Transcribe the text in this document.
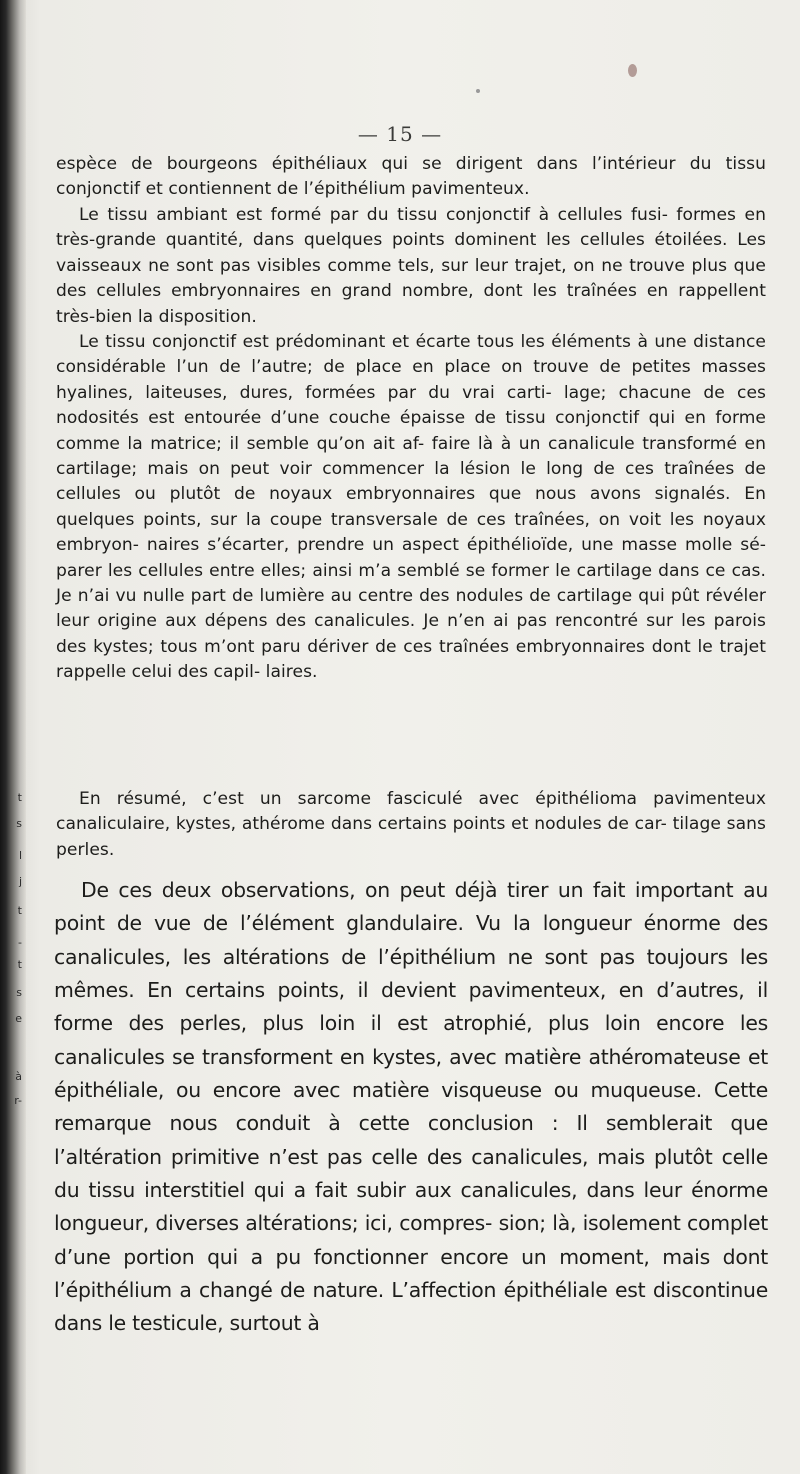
t
s
l
j
t
-
t
s
e
à
r-
— 15 —

espèce de bourgeons épithéliaux qui se dirigent dans l’intérieur du tissu conjonctif et contiennent de l’épithélium pavimenteux.

Le tissu ambiant est formé par du tissu conjonctif à cellules fusi- formes en très-grande quantité, dans quelques points dominent les cellules étoilées. Les vaisseaux ne sont pas visibles comme tels, sur leur trajet, on ne trouve plus que des cellules embryonnaires en grand nombre, dont les traînées en rappellent très-bien la disposition.

Le tissu conjonctif est prédominant et écarte tous les éléments à une distance considérable l’un de l’autre; de place en place on trouve de petites masses hyalines, laiteuses, dures, formées par du vrai carti- lage; chacune de ces nodosités est entourée d’une couche épaisse de tissu conjonctif qui en forme comme la matrice; il semble qu’on ait af- faire là à un canalicule transformé en cartilage; mais on peut voir commencer la lésion le long de ces traînées de cellules ou plutôt de noyaux embryonnaires que nous avons signalés. En quelques points, sur la coupe transversale de ces traînées, on voit les noyaux embryon- naires s’écarter, prendre un aspect épithélioïde, une masse molle sé- parer les cellules entre elles; ainsi m’a semblé se former le cartilage dans ce cas. Je n’ai vu nulle part de lumière au centre des nodules de cartilage qui pût révéler leur origine aux dépens des canalicules. Je n’en ai pas rencontré sur les parois des kystes; tous m’ont paru dériver de ces traînées embryonnaires dont le trajet rappelle celui des capil- laires.

En résumé, c’est un sarcome fasciculé avec épithélioma pavimenteux canaliculaire, kystes, athérome dans certains points et nodules de car- tilage sans perles.

De ces deux observations, on peut déjà tirer un fait important au point de vue de l’élément glandulaire. Vu la longueur énorme des canalicules, les altérations de l’épithélium ne sont pas toujours les mêmes. En certains points, il devient pavimenteux, en d’autres, il forme des perles, plus loin il est atrophié, plus loin encore les canalicules se transforment en kystes, avec matière athéromateuse et épithéliale, ou encore avec matière visqueuse ou muqueuse. Cette remarque nous conduit à cette conclusion : Il semblerait que l’altération primitive n’est pas celle des canalicules, mais plutôt celle du tissu interstitiel qui a fait subir aux canalicules, dans leur énorme longueur, diverses altérations; ici, compres- sion; là, isolement complet d’une portion qui a pu fonctionner encore un moment, mais dont l’épithélium a changé de nature. L’affection épithéliale est discontinue dans le testicule, surtout à
